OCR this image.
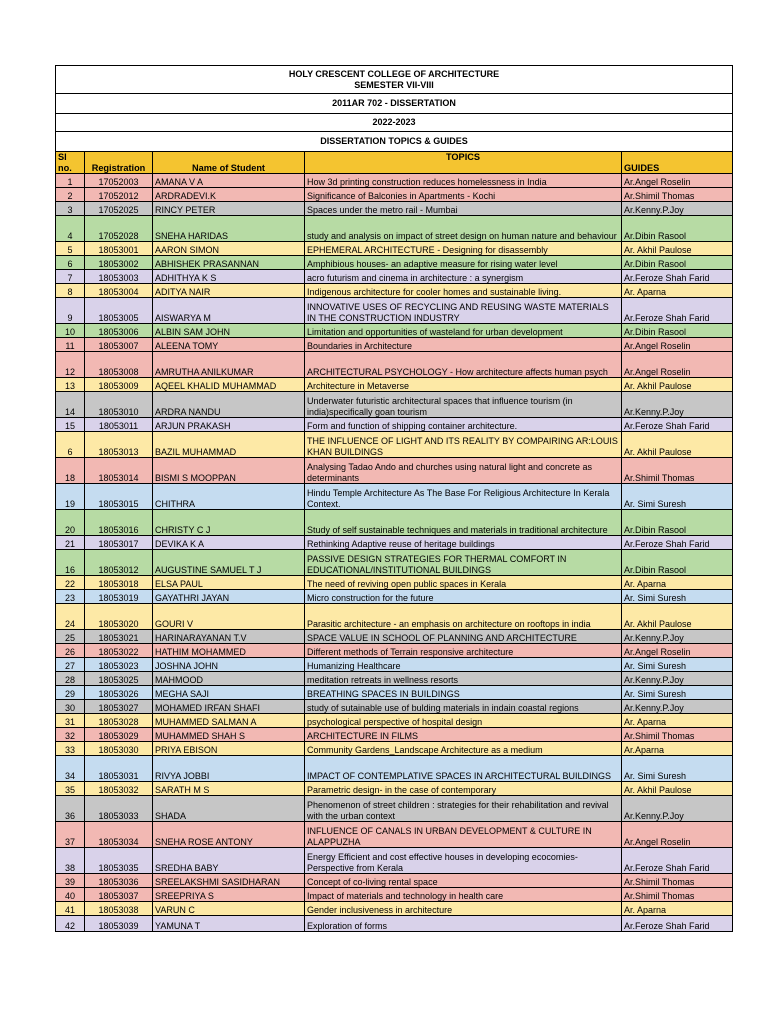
HOLY CRESCENT COLLEGE OF ARCHITECTURE
SEMESTER VII-VIII				

2011AR 702 - DISSERTATION				
2022-2023				
DISSERTATION TOPICS & GUIDES				
Sl no.	Registration	Name of Student	TOPICS	GUIDES
1	17052003	AMANA V A	How 3d printing construction reduces homelessness in India	Ar.Angel Roselin
2	17052012	ARDRADEVI.K	Significance of Balconies in Apartments - Kochi	Ar.Shimil Thomas
3	17052025	RINCY PETER	Spaces under the metro rail - Mumbai	Ar.Kenny.P.Joy
4	17052028	SNEHA HARIDAS	study and analysis on impact of street design on human nature and behaviour	Ar.Dibin Rasool
5	18053001	AARON SIMON	EPHEMERAL ARCHITECTURE - Designing for disassembly	Ar. Akhil Paulose
6	18053002	ABHISHEK PRASANNAN	Amphibious houses- an adaptive measure for rising water level	Ar.Dibin Rasool
7	18053003	ADHITHYA K S	acro futurism and cinema in architecture : a synergism	Ar.Feroze Shah Farid
8	18053004	ADITYA NAIR	Indigenous architecture for cooler homes and sustainable living.	Ar. Aparna
9	18053005	AISWARYA M	INNOVATIVE USES OF RECYCLING AND REUSING WASTE MATERIALS IN THE CONSTRUCTION INDUSTRY	Ar.Feroze Shah Farid
10	18053006	ALBIN SAM JOHN	Limitation and opportunities of wasteland for urban development	Ar.Dibin Rasool
11	18053007	ALEENA TOMY	Boundaries in Architecture	Ar.Angel Roselin
12	18053008	AMRUTHA ANILKUMAR	ARCHITECTURAL PSYCHOLOGY - How architecture affects human psych	Ar.Angel Roselin
13	18053009	AQEEL KHALID MUHAMMAD	Architecture in Metaverse	Ar. Akhil Paulose
14	18053010	ARDRA NANDU	Underwater futuristic architectural spaces that influence tourism (in india)specifically goan tourism	Ar.Kenny.P.Joy
15	18053011	ARJUN PRAKASH	Form and function of shipping container architecture.	Ar.Feroze Shah Farid
6	18053013	BAZIL MUHAMMAD	THE INFLUENCE OF LIGHT AND ITS REALITY BY COMPAIRING AR:LOUIS KHAN BUILDINGS	Ar. Akhil Paulose
18	18053014	BISMI S MOOPPAN	Analysing Tadao Ando and churches using natural light and concrete as determinants	Ar.Shimil Thomas
19	18053015	CHITHRA	Hindu Temple Architecture As The Base For Religious Architecture In Kerala Context.	Ar. Simi Suresh
20	18053016	CHRISTY C J	Study of self sustainable techniques and materials in traditional architecture	Ar.Dibin Rasool
21	18053017	DEVIKA K A	Rethinking Adaptive reuse of heritage buildings	Ar.Feroze Shah Farid
16	18053012	AUGUSTINE SAMUEL T J	PASSIVE DESIGN STRATEGIES FOR THERMAL COMFORT IN EDUCATIONAL/INSTITUTIONAL BUILDINGS	Ar.Dibin Rasool
22	18053018	ELSA PAUL	The need of reviving open public spaces in Kerala	Ar. Aparna
23	18053019	GAYATHRI JAYAN	Micro construction for the future	Ar. Simi Suresh
24	18053020	GOURI V	Parasitic architecture - an emphasis on architecture on rooftops in india	Ar. Akhil Paulose
25	18053021	HARINARAYANAN T.V	SPACE VALUE IN SCHOOL OF PLANNING AND ARCHITECTURE	Ar.Kenny.P.Joy
26	18053022	HATHIM MOHAMMED	Different methods of Terrain responsive architecture	Ar.Angel Roselin
27	18053023	JOSHNA JOHN	Humanizing Healthcare	Ar. Simi Suresh
28	18053025	MAHMOOD	meditation retreats in wellness resorts	Ar.Kenny.P.Joy
29	18053026	MEGHA SAJI	BREATHING SPACES IN BUILDINGS	Ar. Simi Suresh
30	18053027	MOHAMED IRFAN SHAFI	study of sutainable use of bulding materials in indain coastal regions	Ar.Kenny.P.Joy
31	18053028	MUHAMMED SALMAN A	psychological perspective of hospital design	Ar. Aparna
32	18053029	MUHAMMED SHAH S	ARCHITECTURE IN FILMS	Ar.Shimil Thomas
33	18053030	PRIYA EBISON	Community Gardens_Landscape Architecture as a medium	Ar.Aparna
34	18053031	RIVYA JOBBI	IMPACT OF CONTEMPLATIVE SPACES IN ARCHITECTURAL BUILDINGS	Ar. Simi Suresh
35	18053032	SARATH M S	Parametric design- in the case of contemporary	Ar. Akhil Paulose
36	18053033	SHADA	Phenomenon of street children : strategies for their rehabilitation and revival with the urban context	Ar.Kenny.P.Joy
37	18053034	SNEHA ROSE ANTONY	INFLUENCE OF CANALS IN URBAN DEVELOPMENT & CULTURE IN ALAPPUZHA	Ar.Angel Roselin
38	18053035	SREDHA BABY	Energy Efficient and cost effective houses in developing ecocomies-Perspective from Kerala	Ar.Feroze Shah Farid
39	18053036	SREELAKSHMI SASIDHARAN	Concept of co-living rental space	Ar.Shimil Thomas
40	18053037	SREEPRIYA S	Impact of materials and technology in health care	Ar.Shimil Thomas
41	18053038	VARUN C	Gender inclusiveness in architecture	Ar. Aparna
42	18053039	YAMUNA T	Exploration of forms	Ar.Feroze Shah Farid
